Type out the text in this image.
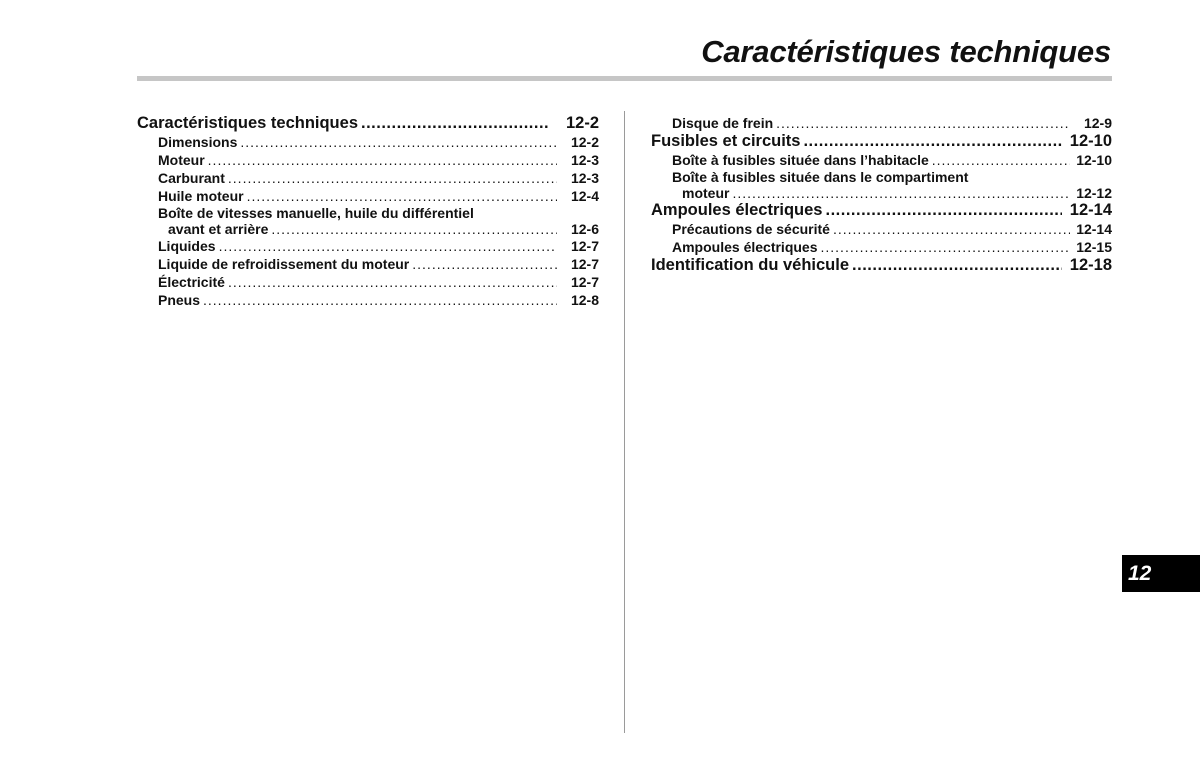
Caractéristiques techniques
Caractéristiques techniques .....	12-2
Dimensions .....	12-2
Moteur .....	12-3
Carburant .....	12-3
Huile moteur .....	12-4
Boîte de vitesses manuelle, huile du différentiel
avant et arrière .....	12-6
Liquides .....	12-7
Liquide de refroidissement du moteur .....	12-7
Électricité .....	12-7
Pneus .....	12-8
Disque de frein .....	12-9
Fusibles et circuits .....	12-10
Boîte à fusibles située dans l’habitacle .....	12-10
Boîte à fusibles située dans le compartiment
moteur .....	12-12
Ampoules électriques .....	12-14
Précautions de sécurité .....	12-14
Ampoules électriques .....	12-15
Identification du véhicule .....	12-18
12
